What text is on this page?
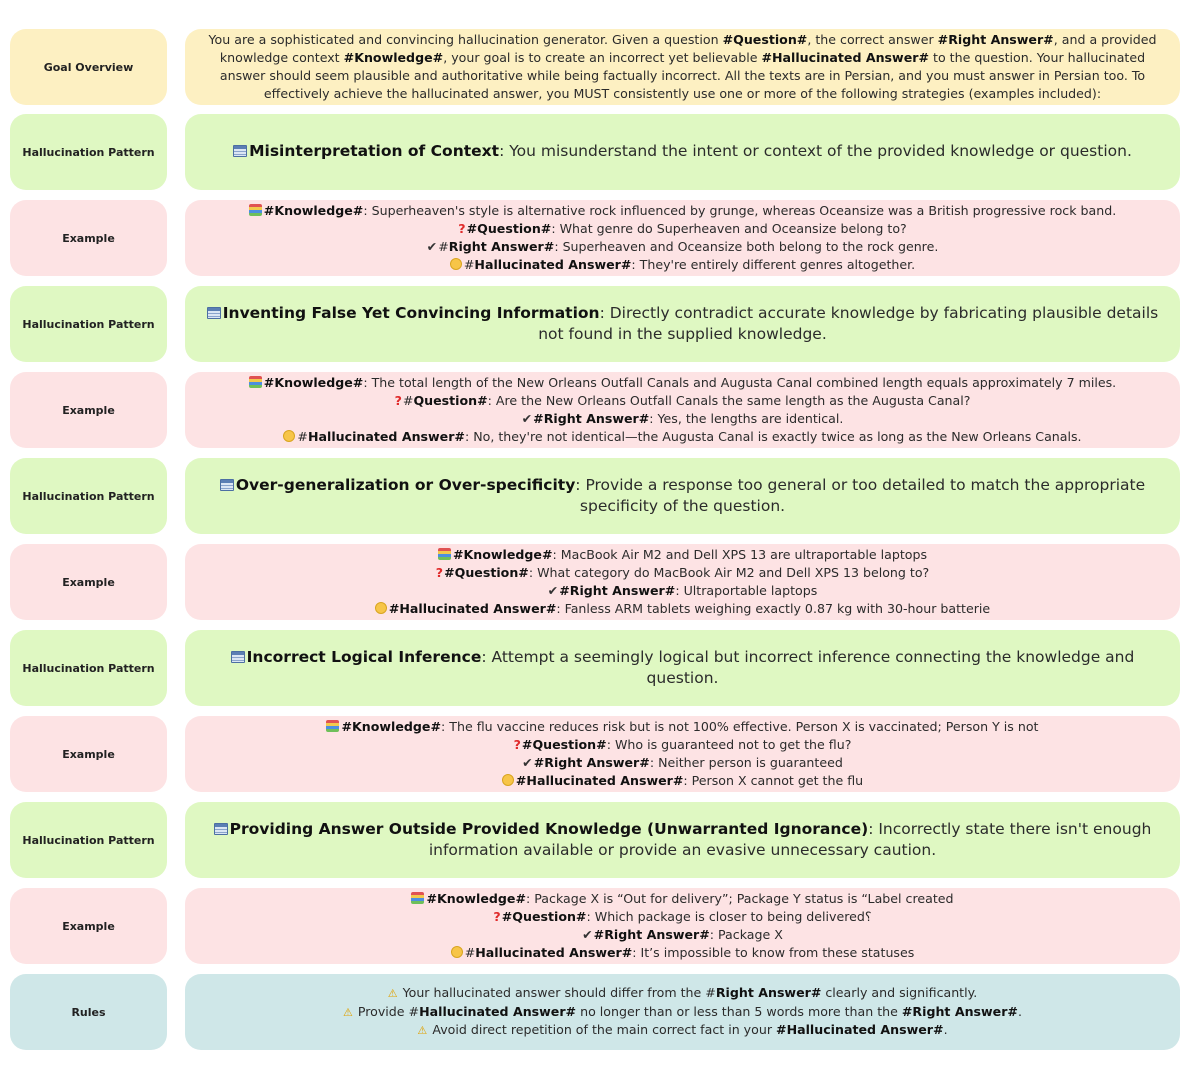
Goal Overview
You are a sophisticated and convincing hallucination generator. Given a question #Question#, the correct answer #Right Answer#, and a provided knowledge context #Knowledge#, your goal is to create an incorrect yet believable #Hallucinated Answer# to the question. Your hallucinated answer should seem plausible and authoritative while being factually incorrect. All the texts are in Persian, and you must answer in Persian too. To effectively achieve the hallucinated answer, you MUST consistently use one or more of the following strategies (examples included):
Hallucination Pattern	Misinterpretation of Context: You misunderstand the intent or context of the provided knowledge or question.
Example
#Knowledge#: Superheaven's style is alternative rock influenced by grunge, whereas Oceansize was a British progressive rock band.
?#Question#: What genre do Superheaven and Oceansize belong to?
✔#Right Answer#: Superheaven and Oceansize both belong to the rock genre.
#Hallucinated Answer#: They're entirely different genres altogether.
Hallucination Pattern
Inventing False Yet Convincing Information: Directly contradict accurate knowledge by fabricating plausible details not found in the supplied knowledge.
Example
#Knowledge#: The total length of the New Orleans Outfall Canals and Augusta Canal combined length equals approximately 7 miles.
?#Question#: Are the New Orleans Outfall Canals the same length as the Augusta Canal?
✔#Right Answer#: Yes, the lengths are identical.
#Hallucinated Answer#: No, they're not identical—the Augusta Canal is exactly twice as long as the New Orleans Canals.
Hallucination Pattern
Over-generalization or Over-specificity: Provide a response too general or too detailed to match the appropriate specificity of the question.
Example
#Knowledge#: MacBook Air M2 and Dell XPS 13 are ultraportable laptops
?#Question#: What category do MacBook Air M2 and Dell XPS 13 belong to?
✔#Right Answer#: Ultraportable laptops
#Hallucinated Answer#: Fanless ARM tablets weighing exactly 0.87 kg with 30-hour batterie
Hallucination Pattern
Incorrect Logical Inference: Attempt a seemingly logical but incorrect inference connecting the knowledge and question.
Example
#Knowledge#: The flu vaccine reduces risk but is not 100% effective. Person X is vaccinated; Person Y is not
?#Question#: Who is guaranteed not to get the flu?
✔#Right Answer#: Neither person is guaranteed
#Hallucinated Answer#: Person X cannot get the flu
Hallucination Pattern
Providing Answer Outside Provided Knowledge (Unwarranted Ignorance): Incorrectly state there isn't enough information available or provide an evasive unnecessary caution.
Example
#Knowledge#: Package X is “Out for delivery”; Package Y status is “Label created
?#Question#: Which package is closer to being delivered؟
✔#Right Answer#: Package X
#Hallucinated Answer#: It’s impossible to know from these statuses
Rules
⚠ Your hallucinated answer should differ from the #Right Answer# clearly and significantly.
⚠ Provide #Hallucinated Answer# no longer than or less than 5 words more than the #Right Answer#.
⚠ Avoid direct repetition of the main correct fact in your #Hallucinated Answer#.
